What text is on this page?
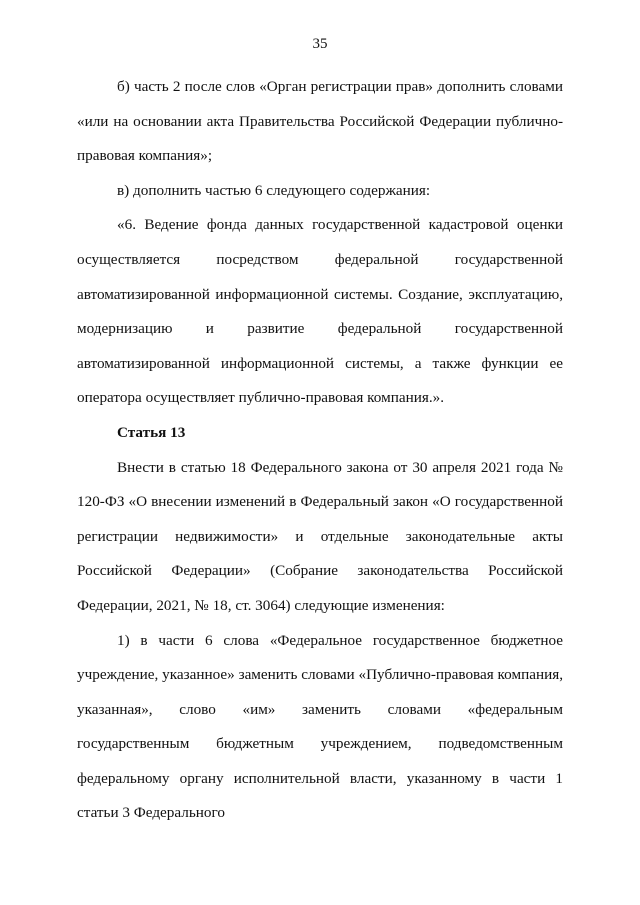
35

б) часть 2 после слов «Орган регистрации прав» дополнить словами «или на основании акта Правительства Российской Федерации публично-правовая компания»;

в) дополнить частью 6 следующего содержания:

«6. Ведение фонда данных государственной кадастровой оценки осуществляется посредством федеральной государственной автоматизированной информационной системы. Создание, эксплуатацию, модернизацию и развитие федеральной государственной автоматизированной информационной системы, а также функции ее оператора осуществляет публично-правовая компания.».

Статья 13

Внести в статью 18 Федерального закона от 30 апреля 2021 года № 120-ФЗ «О внесении изменений в Федеральный закон «О государственной регистрации недвижимости» и отдельные законодательные акты Российской Федерации» (Собрание законодательства Российской Федерации, 2021, № 18, ст. 3064) следующие изменения:

1) в части 6 слова «Федеральное государственное бюджетное учреждение, указанное» заменить словами «Публично-правовая компания, указанная», слово «им» заменить словами «федеральным государственным бюджетным учреждением, подведомственным федеральному органу исполнительной власти, указанному в части 1 статьи 3 Федерального
